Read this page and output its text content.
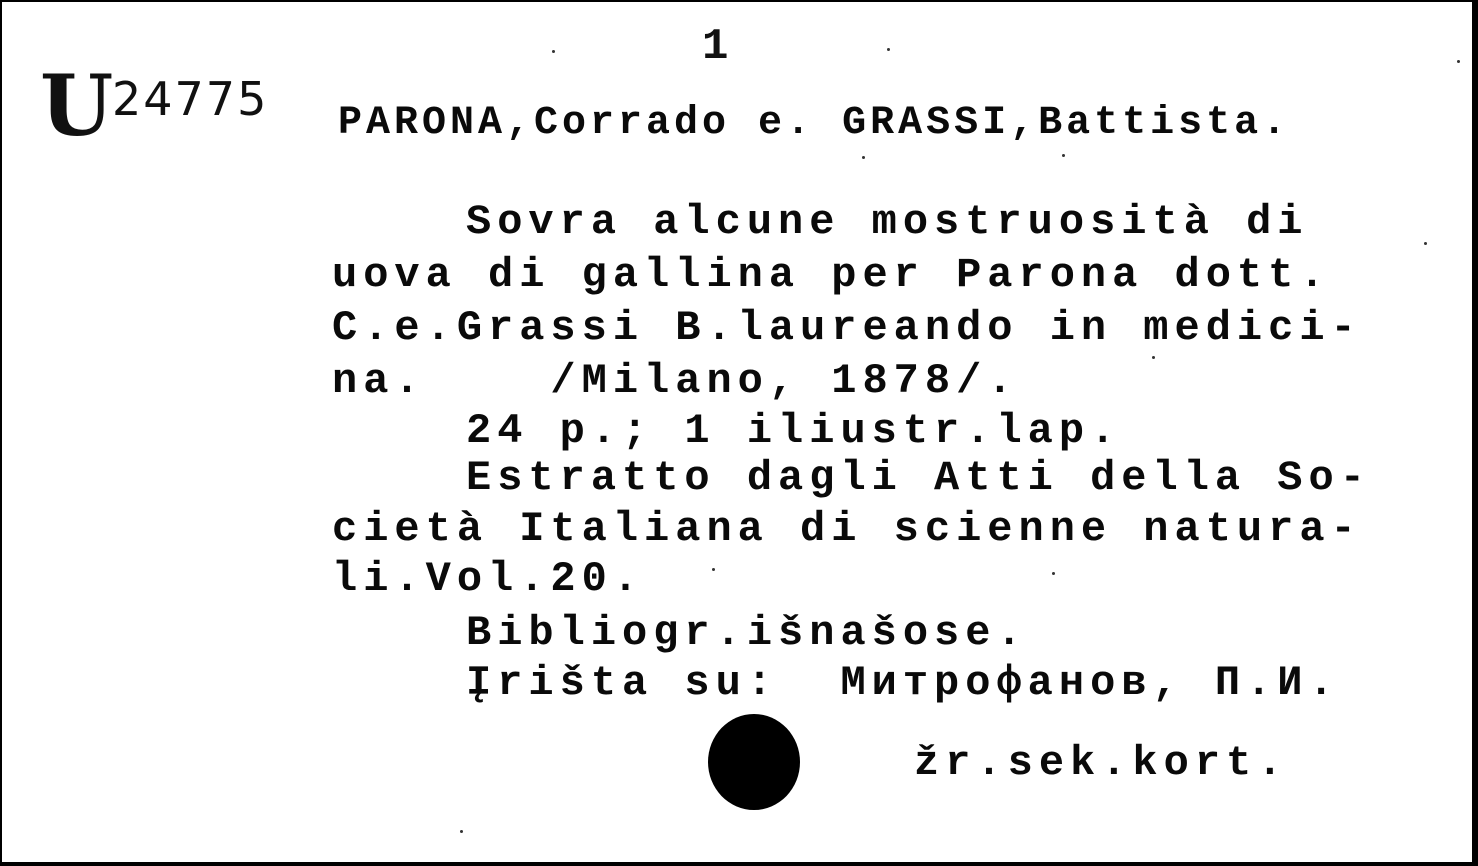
1
U
24775 PARONA,Corrado e. GRASSI,Battista.
Sovra alcune mostruosità di
uova di gallina per Parona dott.
C.e.Grassi B.laureando in medici-
na.    /Milano, 1878/.
24 p.; 1 iliustr.lap.
Estratto dagli Atti della So-
cietà Italiana di scienne natura-
li.Vol.20.
Bibliogr.išnašose.
Įrišta su:  Митрофанов, П.И.
žr.sek.kort.
